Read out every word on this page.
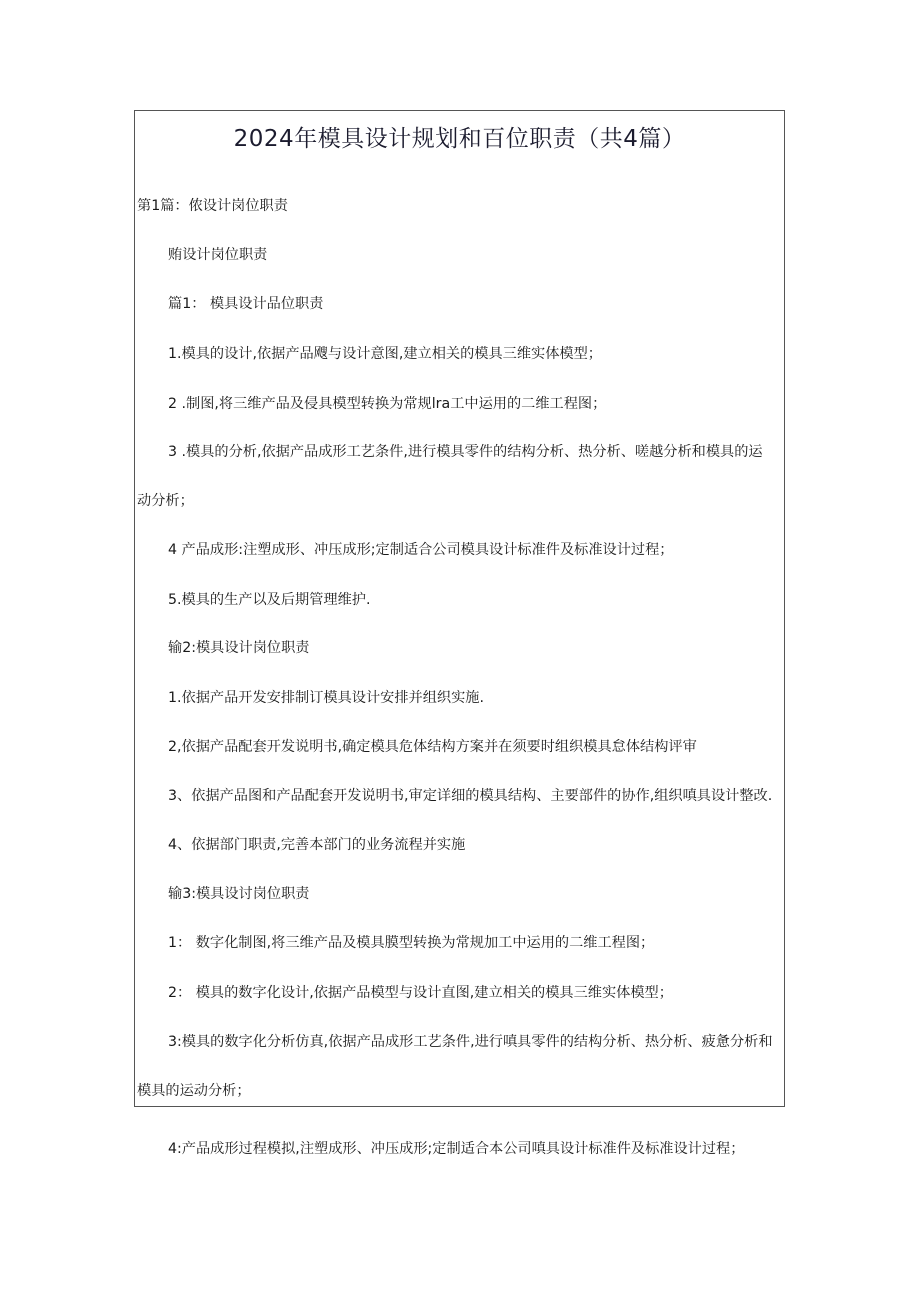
2024年模具设计规划和百位职责（共4篇）

第1篇：侬设计岗位职责

贿设计岗位职责

篇1： 模具设计品位职责

1.模具的设计,依据产品飕与设计意图,建立相关的模具三维实体模型；

2 .制图,将三维产品及侵具模型转换为常规lra工中运用的二维工程图；

3 .模具的分析,依据产品成形工艺条件,进行模具零件的结构分析、热分析、嗟越分析和模具的运

动分析；

4 产品成形:注塑成形、冲压成形;定制适合公司模具设计标准件及标准设计过程；

5.模具的生产以及后期管理维护.

输2:模具设计岗位职责

1.依据产品开发安排制订模具设计安排并组织实施.

2,依据产品配套开发说明书,确定模具危体结构方案并在须要时组织模具怠体结构评审

3、依据产品图和产品配套开发说明书,审定详细的模具结构、主要部件的协作,组织嗔具设计整改.

4、依据部门职责,完善本部门的业务流程并实施

输3:模具设讨岗位职责

1： 数字化制图,将三维产品及模具膜型转换为常规加工中运用的二维工程图；

2： 模具的数字化设计,依据产品模型与设计直图,建立相关的模具三维实体模型；

3:模具的数字化分析仿真,依据产品成形工艺条件,进行嗔具零件的结构分析、热分析、疲惫分析和

模具的运动分析；

4:产品成形过程模拟,注塑成形、冲压成形;定制适合本公司嗔具设计标准件及标准设计过程；
